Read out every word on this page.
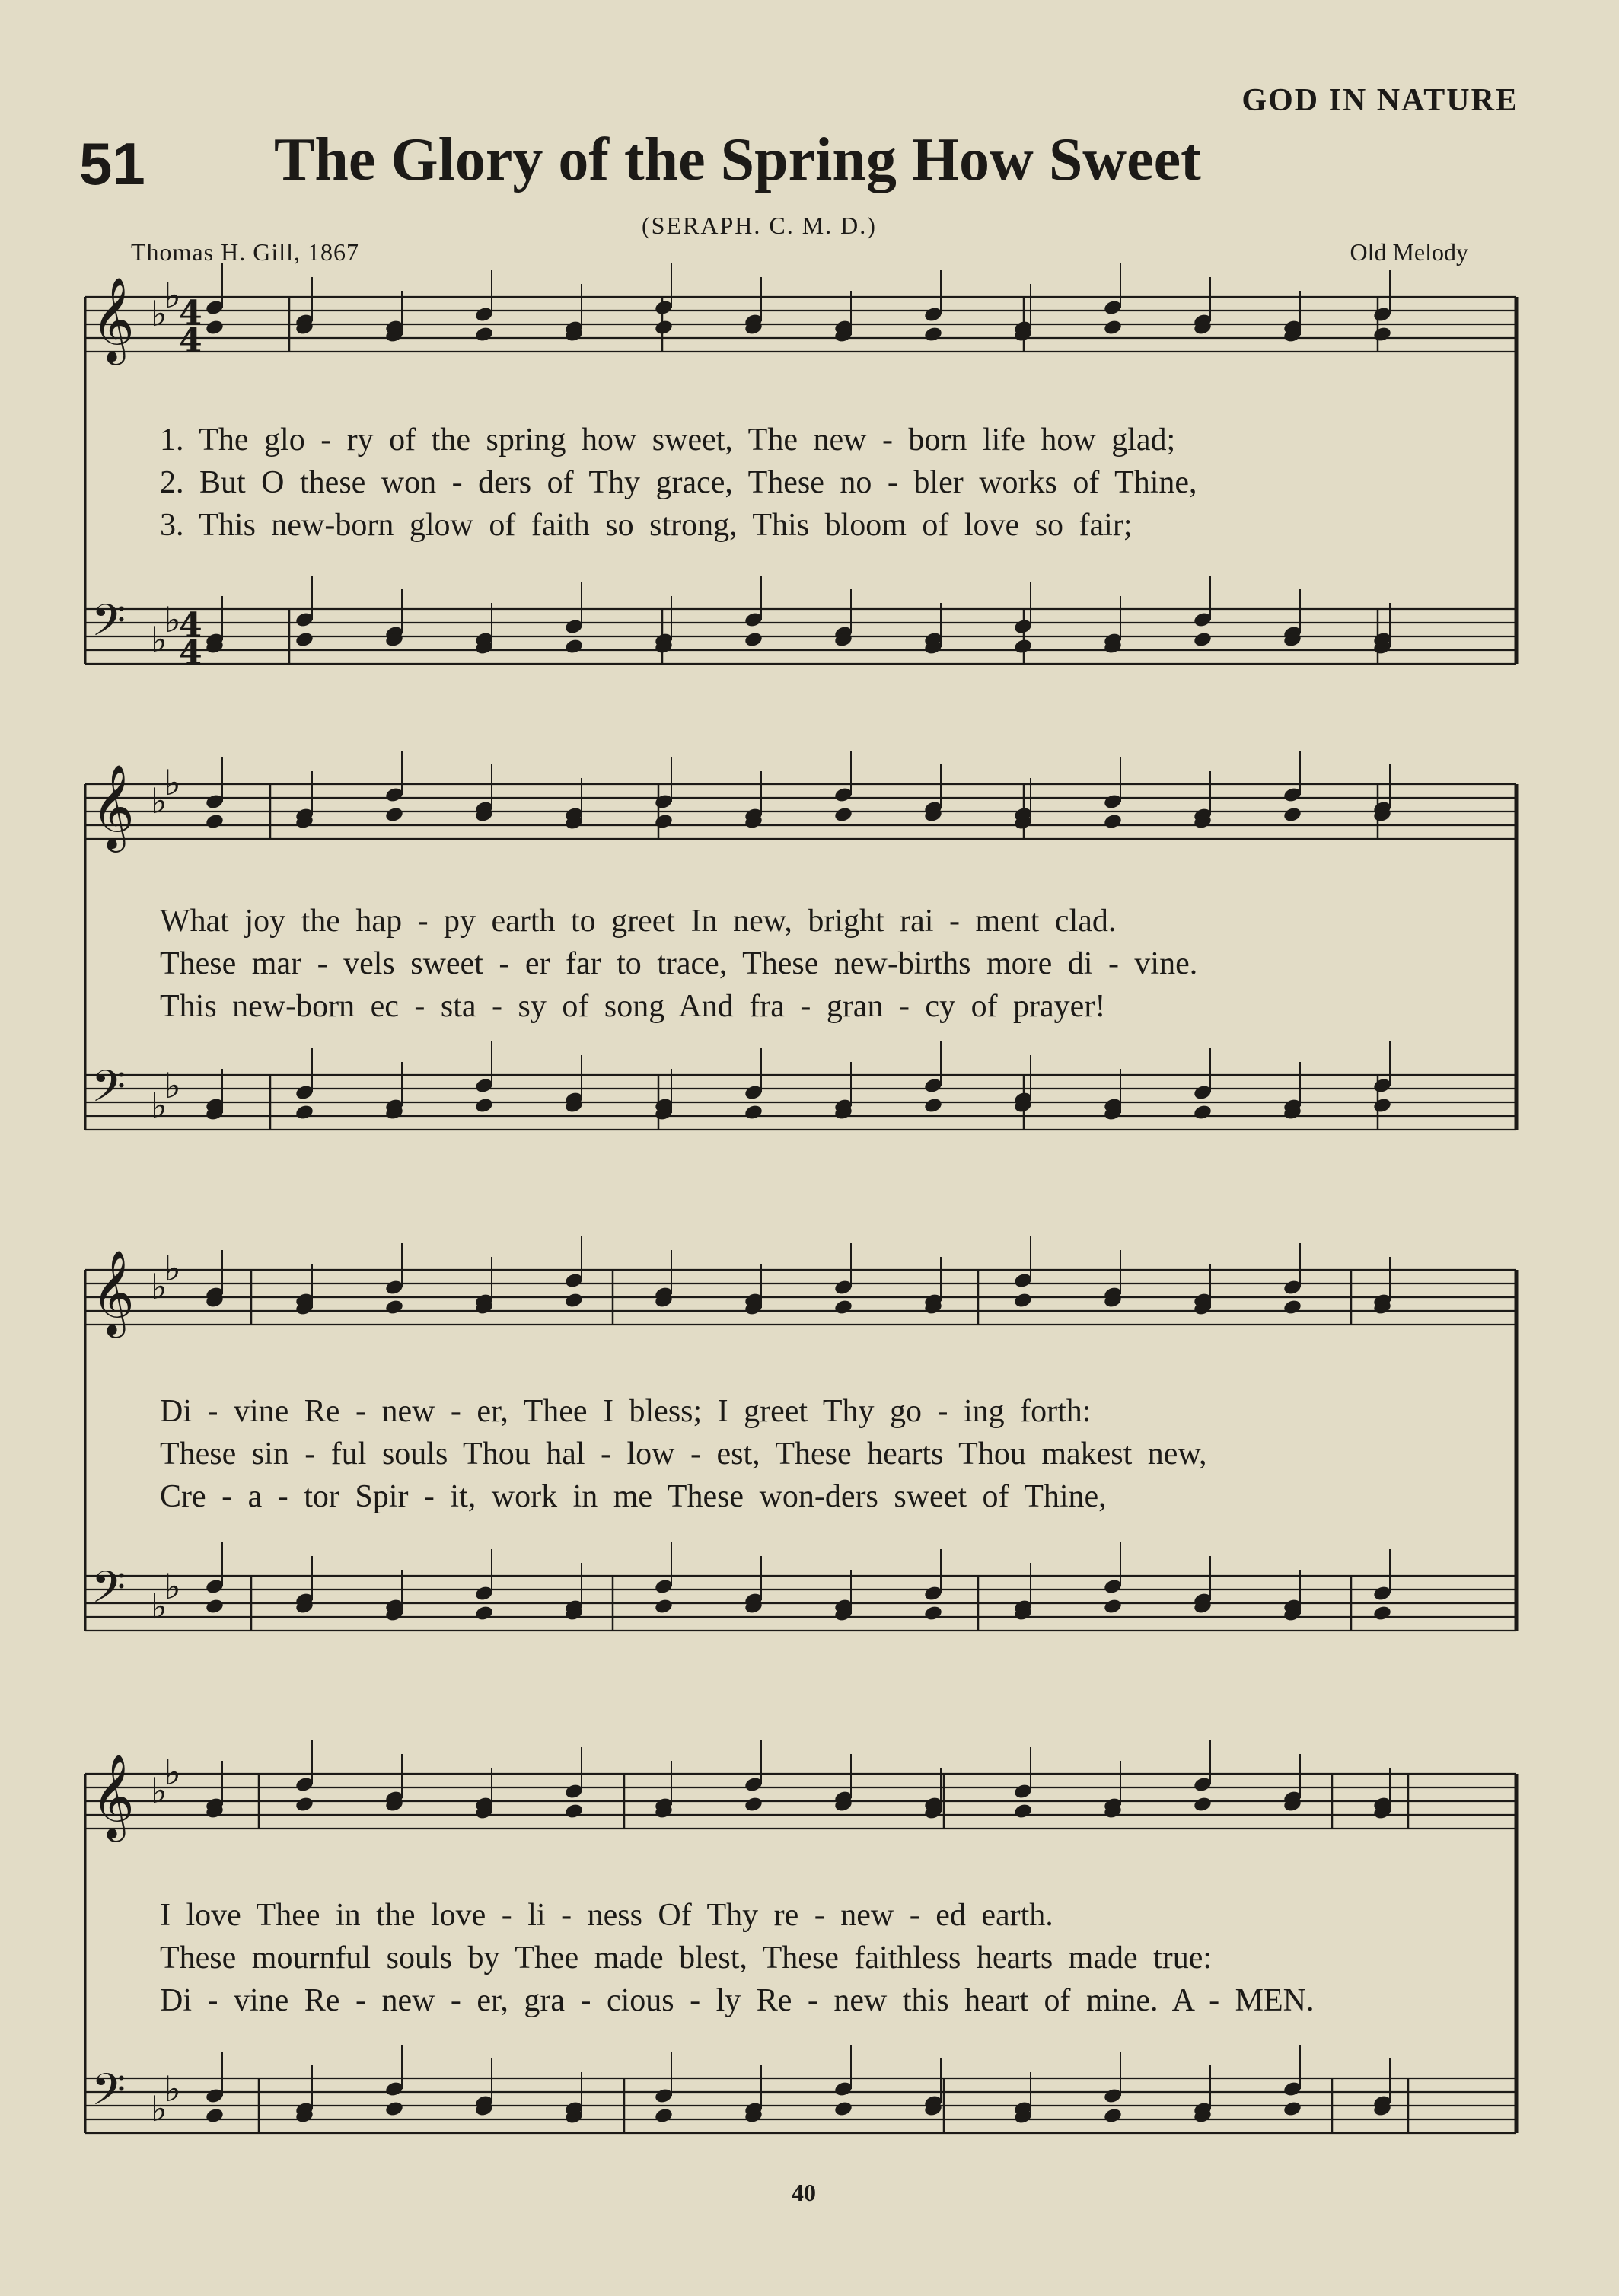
GOD IN NATURE
51 The Glory of the Spring How Sweet
(SERAPH. C. M. D.)
Thomas H. Gill, 1867	Old Melody
𝄞 ♭
♭
𝄢 ♭
♭
𝄞 ♭
♭
𝄢 ♭
♭
𝄞 ♭
♭
𝄢 ♭
♭
𝄞 ♭
♭
𝄢 ♭
♭
4
4
4
4
1. The glo - ry of the spring how sweet, The new - born life how glad;
2. But O these won - ders of Thy grace, These no - bler works of Thine,
3. This new-born glow of faith so strong, This bloom of love so fair;
What joy the hap - py earth to greet In new, bright rai - ment clad.
These mar - vels sweet - er far to trace, These new-births more di - vine.
This new-born ec - sta - sy of song And fra - gran - cy of prayer!
Di - vine Re - new - er, Thee I bless; I greet Thy go - ing forth:
These sin - ful souls Thou hal - low - est, These hearts Thou makest new,
Cre - a - tor Spir - it, work in me These won-ders sweet of Thine,
I love Thee in the love - li - ness Of Thy re - new - ed earth.
These mournful souls by Thee made blest, These faithless hearts made true:
Di - vine Re - new - er, gra - cious - ly Re - new this heart of mine. A - MEN.
40
